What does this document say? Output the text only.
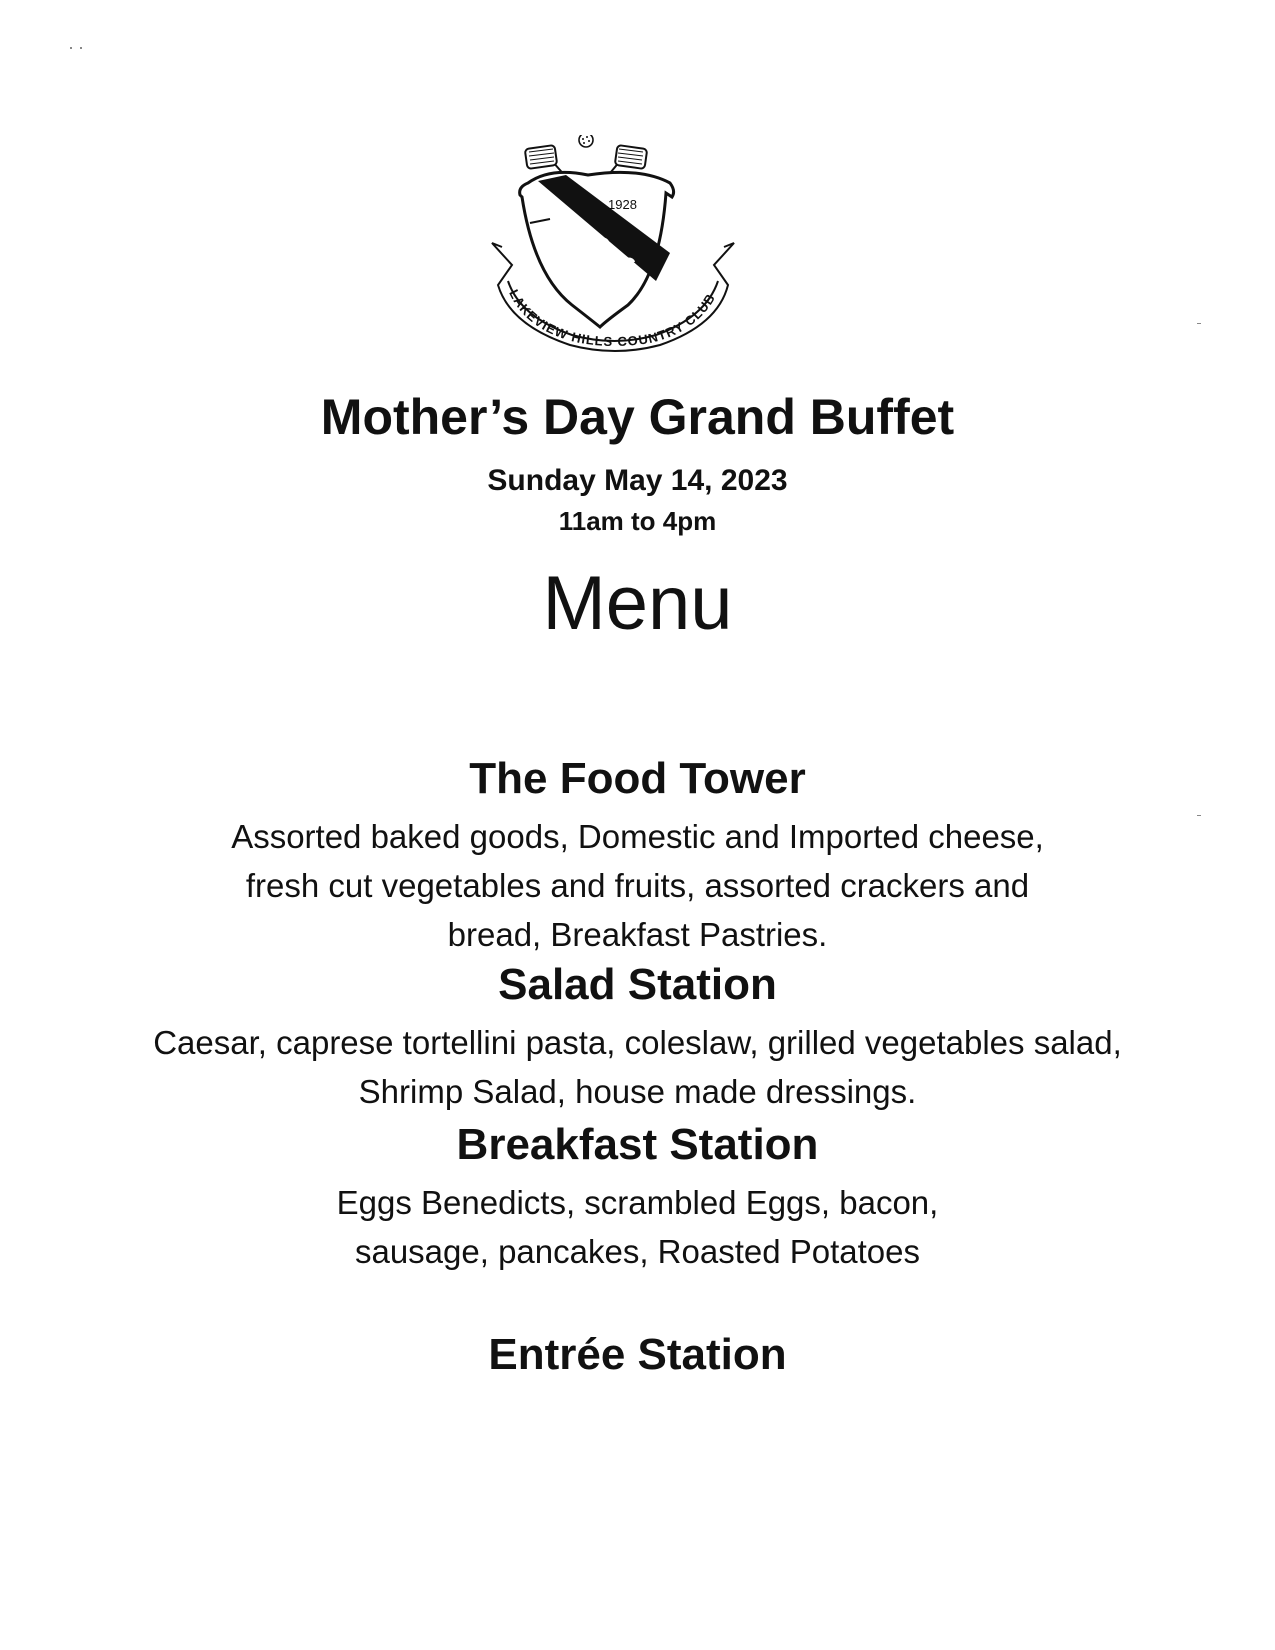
LAKEVIEW HILLS COUNTRY CLUB
L
H
C
C
1928
Mother’s Day Grand Buffet
Sunday May 14, 2023
11am to 4pm
Menu
The Food Tower
Assorted baked goods, Domestic and Imported cheese, fresh cut vegetables and fruits, assorted crackers and bread, Breakfast Pastries.
Salad Station
Caesar, caprese tortellini pasta, coleslaw, grilled vegetables salad, Shrimp Salad, house made dressings.
Breakfast Station
Eggs Benedicts, scrambled Eggs, bacon, sausage, pancakes, Roasted Potatoes
Entrée Station
